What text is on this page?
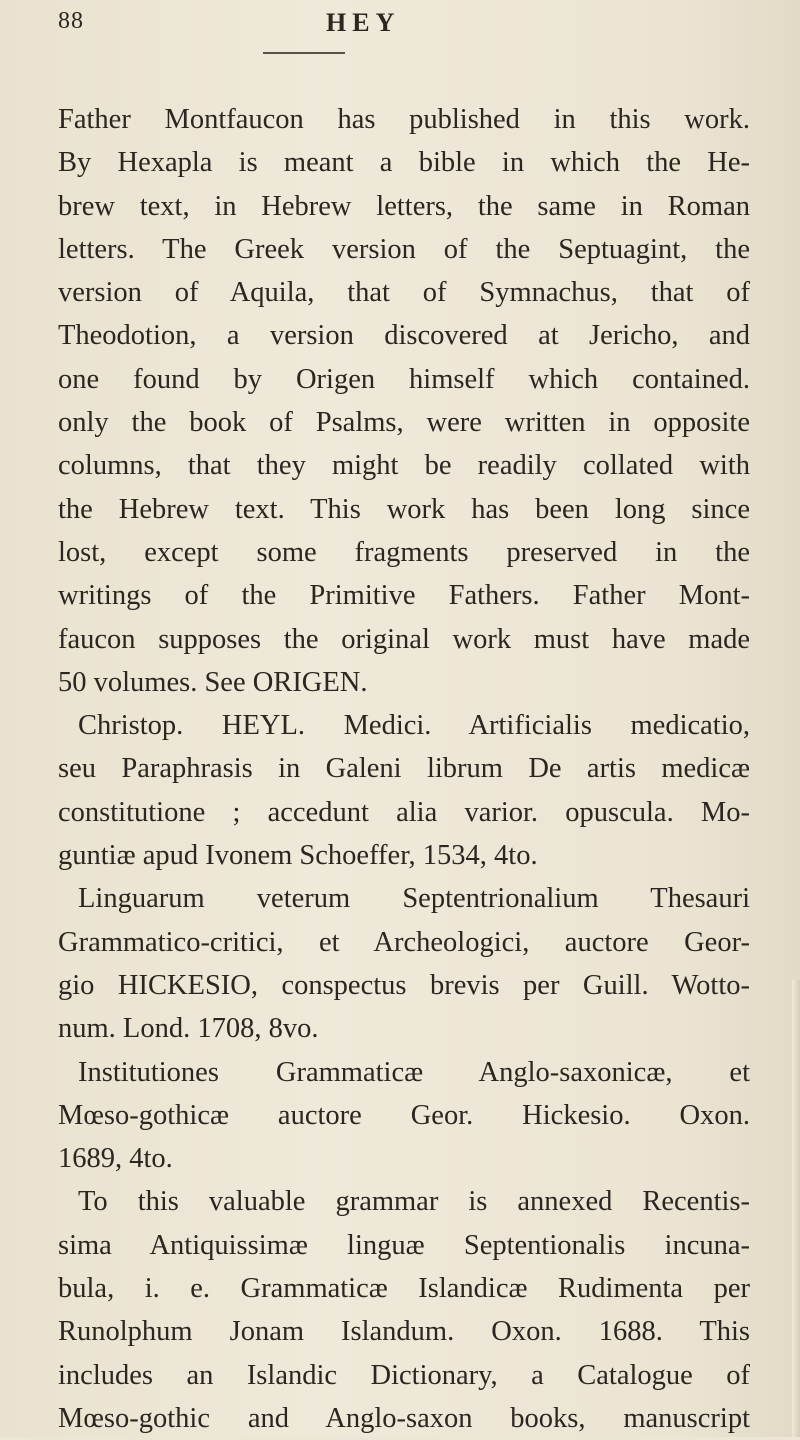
88	HEY
Father Montfaucon has published in this work.
By Hexapla is meant a bible in which the He-
brew text, in Hebrew letters, the same in Roman
letters. The Greek version of the Septuagint, the
version of Aquila, that of Symnachus, that of
Theodotion, a version discovered at Jericho, and
one found by Origen himself which contained.
only the book of Psalms, were written in opposite
columns, that they might be readily collated with
the Hebrew text. This work has been long since
lost, except some fragments preserved in the
writings of the Primitive Fathers. Father Mont-
faucon supposes the original work must have made
50 volumes. See ORIGEN.
Christop. HEYL. Medici. Artificialis medicatio,
seu Paraphrasis in Galeni librum De artis medicæ
constitutione ; accedunt alia varior. opuscula. Mo-
guntiæ apud Ivonem Schoeffer, 1534, 4to.
Linguarum veterum Septentrionalium Thesauri
Grammatico-critici, et Archeologici, auctore Geor-
gio HICKESIO, conspectus brevis per Guill. Wotto-
num. Lond. 1708, 8vo.
Institutiones Grammaticæ Anglo-saxonicæ, et
Mœso-gothicæ auctore Geor. Hickesio. Oxon.
1689, 4to.
To this valuable grammar is annexed Recentis-
sima Antiquissimæ linguæ Septentionalis incuna-
bula, i. e. Grammaticæ Islandicæ Rudimenta per
Runolphum Jonam Islandum. Oxon. 1688. This
includes an Islandic Dictionary, a Catalogue of
Mœso-gothic and Anglo-saxon books, manuscript
